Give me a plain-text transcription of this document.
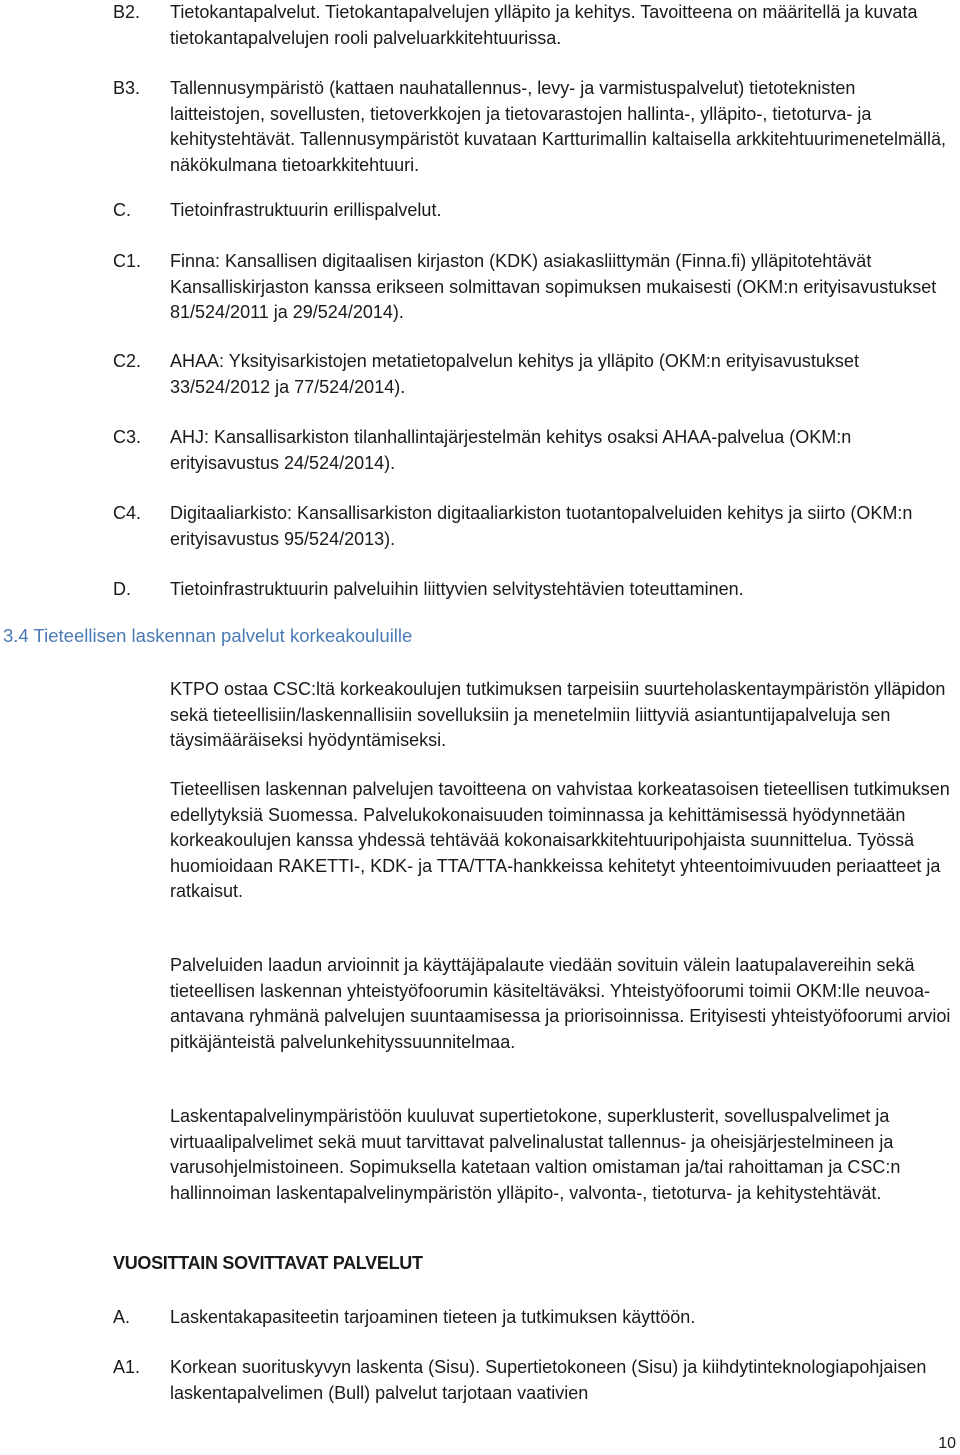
B2.	Tietokantapalvelut. Tietokantapalvelujen ylläpito ja kehitys. Tavoitteena on määritellä ja kuvata tietokantapalvelujen rooli palveluarkkitehtuurissa.
B3.	Tallennusympäristö (kattaen nauhatallennus-, levy- ja varmistuspalvelut) tietoteknisten laitteistojen, sovellusten, tietoverkkojen ja tietovarastojen hallinta-, ylläpito-, tietoturva- ja kehitystehtävät. Tallennusympäristöt kuvataan Kartturimallin kaltaisella arkkitehtuurimenetelmällä, näkökulmana tietoarkkitehtuuri.
C.	Tietoinfrastruktuurin erillispalvelut.
C1.	Finna: Kansallisen digitaalisen kirjaston (KDK) asiakasliittymän (Finna.fi) ylläpitotehtävät Kansalliskirjaston kanssa erikseen solmittavan sopimuksen mukaisesti (OKM:n erityisavustukset 81/524/2011 ja 29/524/2014).
C2.	AHAA: Yksityisarkistojen metatietopalvelun kehitys ja ylläpito (OKM:n erityisavustukset 33/524/2012 ja 77/524/2014).
C3.	AHJ: Kansallisarkiston tilanhallintajärjestelmän kehitys osaksi AHAA-palvelua (OKM:n erityisavustus 24/524/2014).
C4.	Digitaaliarkisto: Kansallisarkiston digitaaliarkiston tuotantopalveluiden kehitys ja siirto (OKM:n erityisavustus 95/524/2013).
D.	Tietoinfrastruktuurin palveluihin liittyvien selvitystehtävien toteuttaminen.
3.4 Tieteellisen laskennan palvelut korkeakouluille

KTPO ostaa CSC:ltä korkeakoulujen tutkimuksen tarpeisiin suurteholaskentaympäristön ylläpidon sekä tieteellisiin/laskennallisiin sovelluksiin ja menetelmiin liittyviä asiantuntijapalveluja sen täysimääräiseksi hyödyntämiseksi.

Tieteellisen laskennan palvelujen tavoitteena on vahvistaa korkeatasoisen tieteellisen tutkimuksen edellytyksiä Suomessa. Palvelukokonaisuuden toiminnassa ja kehittämisessä hyödynnetään korkeakoulujen kanssa yhdessä tehtävää kokonaisarkkitehtuuripohjaista suunnittelua. Työssä huomioidaan RAKETTI-, KDK- ja TTA/TTA-hankkeissa kehitetyt yhteentoimivuuden periaatteet ja ratkaisut.

Palveluiden laadun arvioinnit ja käyttäjäpalaute viedään sovituin välein laatupalavereihin sekä tieteellisen laskennan yhteistyöfoorumin käsiteltäväksi. Yhteistyöfoorumi toimii OKM:lle neuvoa-antavana ryhmänä palvelujen suuntaamisessa ja priorisoinnissa. Erityisesti yhteistyöfoorumi arvioi pitkäjänteistä palvelunkehityssuunnitelmaa.

Laskentapalvelinympäristöön kuuluvat supertietokone, superklusterit, sovelluspalvelimet ja virtuaalipalvelimet sekä muut tarvittavat palvelinalustat tallennus- ja oheisjärjestelmineen ja varusohjelmistoineen. Sopimuksella katetaan valtion omistaman ja/tai rahoittaman ja CSC:n hallinnoiman laskentapalvelinympäristön ylläpito-, valvonta-, tietoturva- ja kehitystehtävät.

VUOSITTAIN SOVITTAVAT PALVELUT
A.	Laskentakapasiteetin tarjoaminen tieteen ja tutkimuksen käyttöön.
A1.	Korkean suorituskyvyn laskenta (Sisu). Supertietokoneen (Sisu) ja kiihdytinteknologiapohjaisen laskentapalvelimen (Bull) palvelut tarjotaan vaativien
10
